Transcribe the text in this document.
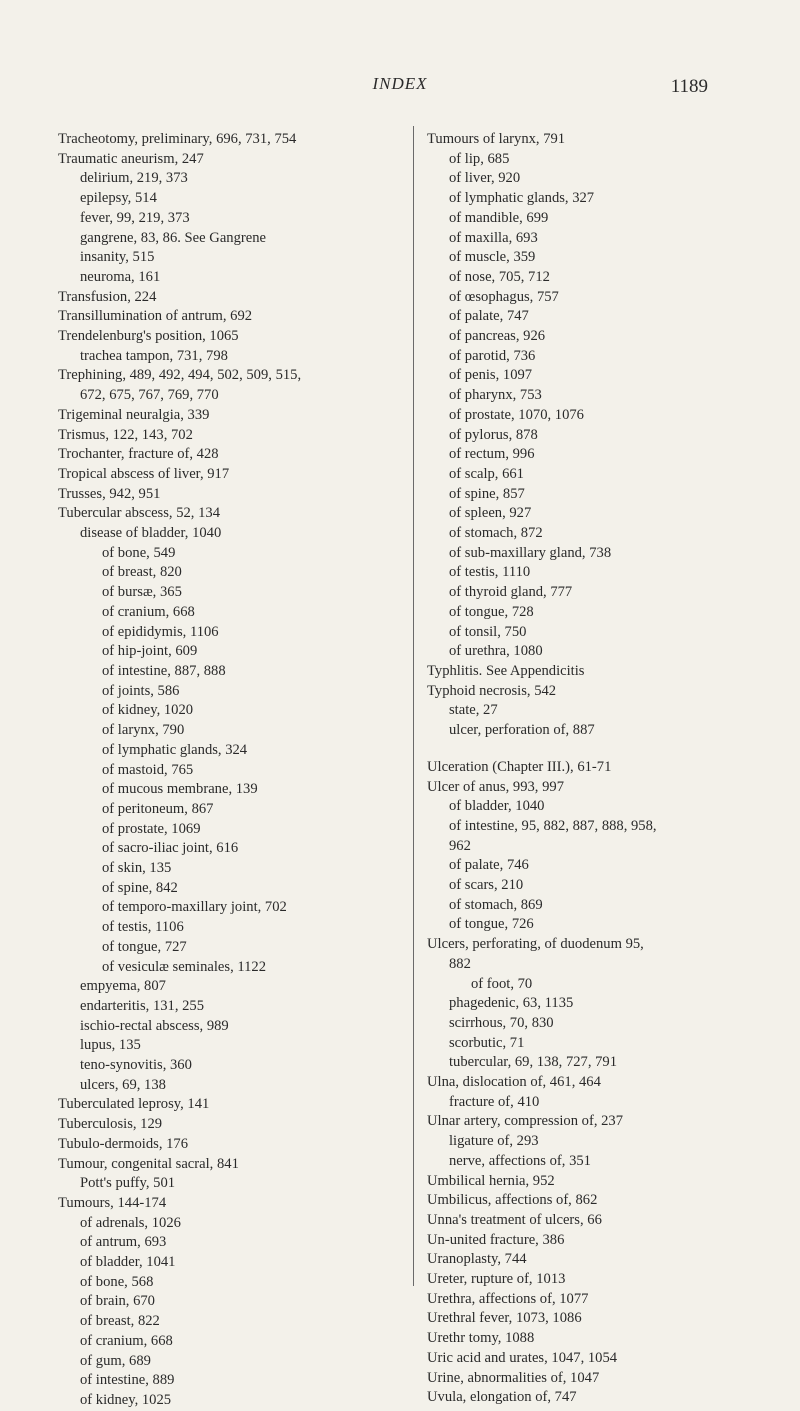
INDEX	1189
Tracheotomy, preliminary, 696, 731, 754
Traumatic aneurism, 247
delirium, 219, 373
epilepsy, 514
fever, 99, 219, 373
gangrene, 83, 86. See Gangrene
insanity, 515
neuroma, 161
Transfusion, 224
Transillumination of antrum, 692
Trendelenburg's position, 1065
trachea tampon, 731, 798
Trephining, 489, 492, 494, 502, 509, 515,
672, 675, 767, 769, 770
Trigeminal neuralgia, 339
Trismus, 122, 143, 702
Trochanter, fracture of, 428
Tropical abscess of liver, 917
Trusses, 942, 951
Tubercular abscess, 52, 134
disease of bladder, 1040
of bone, 549
of breast, 820
of bursæ, 365
of cranium, 668
of epididymis, 1106
of hip-joint, 609
of intestine, 887, 888
of joints, 586
of kidney, 1020
of larynx, 790
of lymphatic glands, 324
of mastoid, 765
of mucous membrane, 139
of peritoneum, 867
of prostate, 1069
of sacro-iliac joint, 616
of skin, 135
of spine, 842
of temporo-maxillary joint, 702
of testis, 1106
of tongue, 727
of vesiculæ seminales, 1122
empyema, 807
endarteritis, 131, 255
ischio-rectal abscess, 989
lupus, 135
teno-synovitis, 360
ulcers, 69, 138
Tuberculated leprosy, 141
Tuberculosis, 129
Tubulo-dermoids, 176
Tumour, congenital sacral, 841
Pott's puffy, 501
Tumours, 144-174
of adrenals, 1026
of antrum, 693
of bladder, 1041
of bone, 568
of brain, 670
of breast, 822
of cranium, 668
of gum, 689
of intestine, 889
of kidney, 1025
Tumours of larynx, 791
of lip, 685
of liver, 920
of lymphatic glands, 327
of mandible, 699
of maxilla, 693
of muscle, 359
of nose, 705, 712
of œsophagus, 757
of palate, 747
of pancreas, 926
of parotid, 736
of penis, 1097
of pharynx, 753
of prostate, 1070, 1076
of pylorus, 878
of rectum, 996
of scalp, 661
of spine, 857
of spleen, 927
of stomach, 872
of sub-maxillary gland, 738
of testis, 1110
of thyroid gland, 777
of tongue, 728
of tonsil, 750
of urethra, 1080
Typhlitis. See Appendicitis
Typhoid necrosis, 542
state, 27
ulcer, perforation of, 887
Ulceration (Chapter III.), 61-71
Ulcer of anus, 993, 997
of bladder, 1040
of intestine, 95, 882, 887, 888, 958,
962
of palate, 746
of scars, 210
of stomach, 869
of tongue, 726
Ulcers, perforating, of duodenum 95,
882
of foot, 70
phagedenic, 63, 1135
scirrhous, 70, 830
scorbutic, 71
tubercular, 69, 138, 727, 791
Ulna, dislocation of, 461, 464
fracture of, 410
Ulnar artery, compression of, 237
ligature of, 293
nerve, affections of, 351
Umbilical hernia, 952
Umbilicus, affections of, 862
Unna's treatment of ulcers, 66
Un-united fracture, 386
Uranoplasty, 744
Ureter, rupture of, 1013
Urethra, affections of, 1077
Urethral fever, 1073, 1086
Urethr tomy, 1088
Uric acid and urates, 1047, 1054
Urine, abnormalities of, 1047
Uvula, elongation of, 747
